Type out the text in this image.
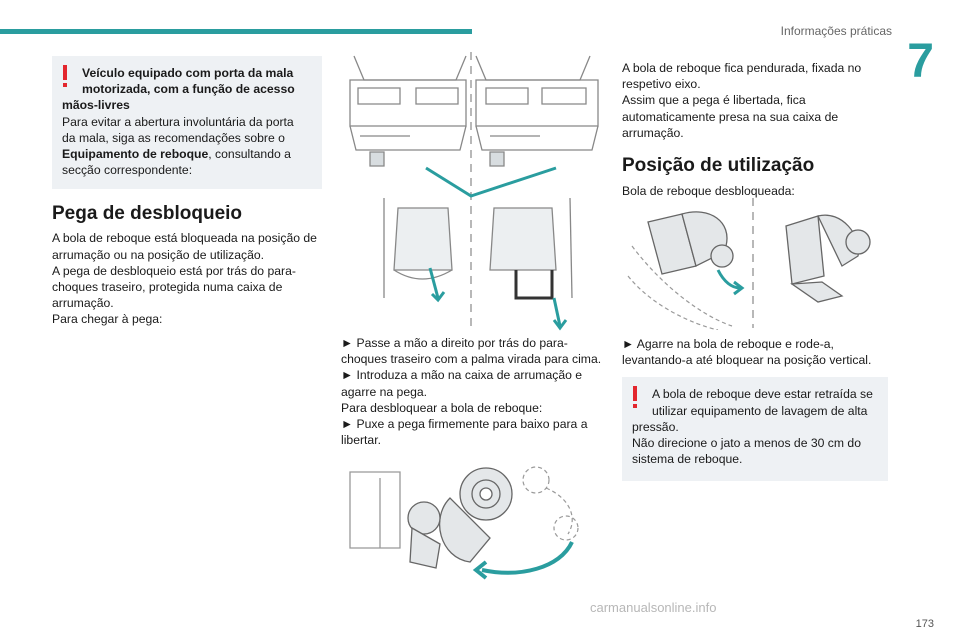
Informações práticas
7

Veículo equipado com porta da mala

motorizada, com a função de acesso

mãos-livres

Para evitar a abertura involuntária da porta

da mala, siga as recomendações sobre o

Equipamento de reboque, consultando a

secção correspondente:

Pega de desbloqueio

A bola de reboque está bloqueada na posição de

arrumação ou na posição de utilização.

A pega de desbloqueio está por trás do para-

choques traseiro, protegida numa caixa de

arrumação.

Para chegar à pega:

► Passe a mão a direito por trás do para-

choques traseiro com a palma virada para cima.

► Introduza a mão na caixa de arrumação e

agarre na pega.

Para desbloquear a bola de reboque:

► Puxe a pega firmemente para baixo para a

libertar.

A bola de reboque fica pendurada, fixada no

respetivo eixo.

Assim que a pega é libertada, fica

automaticamente presa na sua caixa de

arrumação.

Posição de utilização

Bola de reboque desbloqueada:

► Agarre na bola de reboque e rode-a,

levantando-a até bloquear na posição vertical.

A bola de reboque deve estar retraída se

utilizar equipamento de lavagem de alta

pressão.

Não direcione o jato a menos de 30 cm do

sistema de reboque.

carmanualsonline.info
173
